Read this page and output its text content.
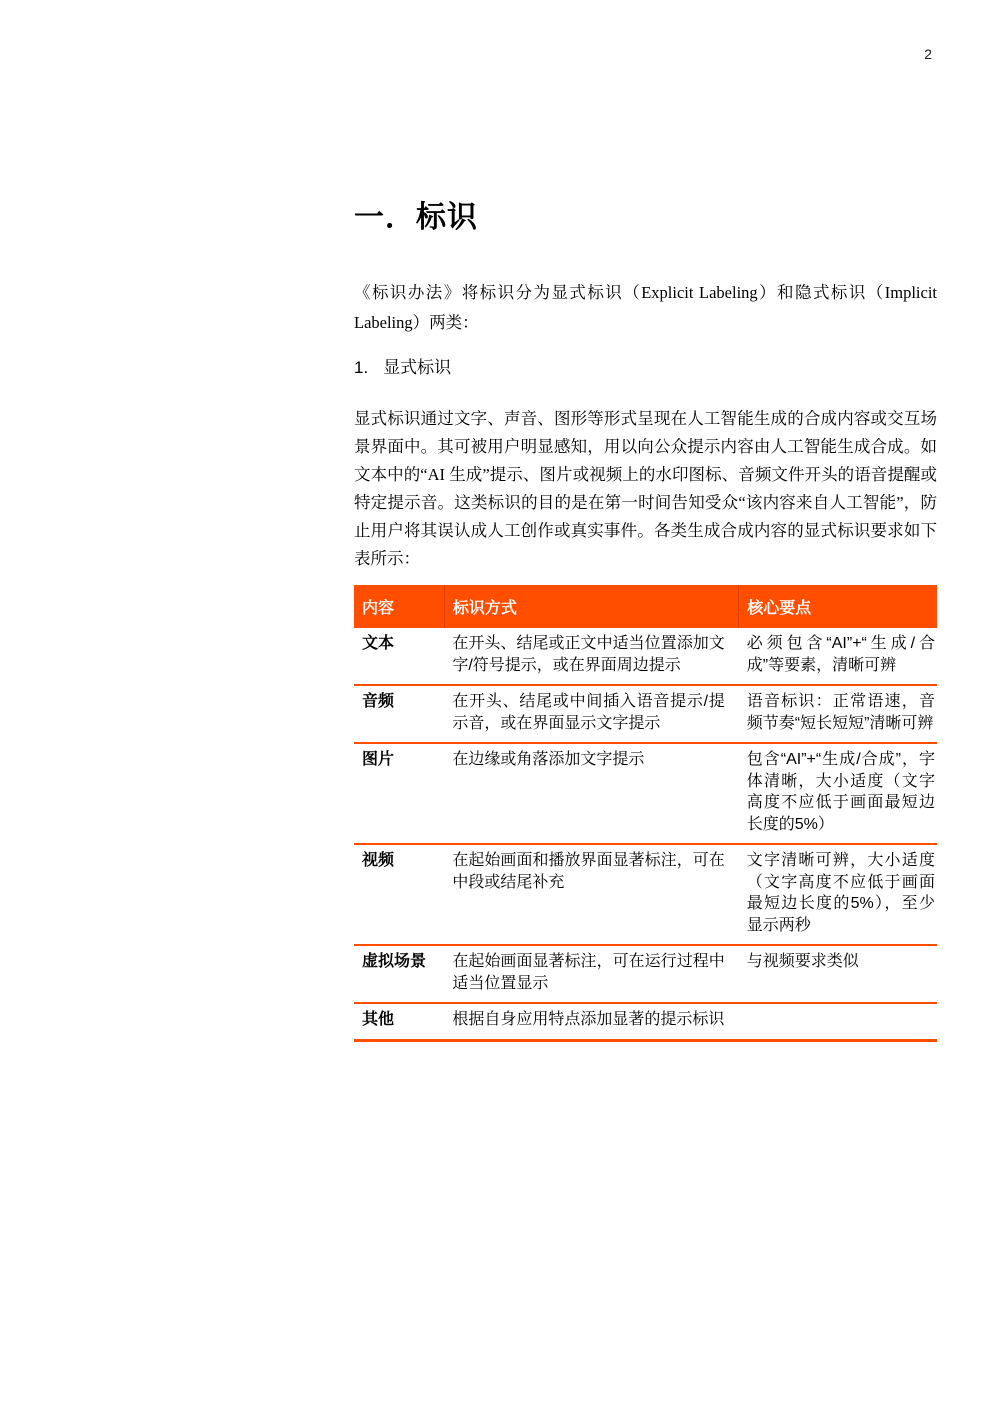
2
一．标识

《标识办法》将标识分为显式标识（Explicit Labeling）和隐式标识（Implicit Labeling）两类：

1. 显式标识

显式标识通过文字、声音、图形等形式呈现在人工智能生成的合成内容或交互场景界面中。其可被用户明显感知，用以向公众提示内容由人工智能生成合成。如文本中的“AI 生成”提示、图片或视频上的水印图标、音频文件开头的语音提醒或特定提示音。这类标识的目的是在第一时间告知受众“该内容来自人工智能”，防止用户将其误认成人工创作或真实事件。各类生成合成内容的显式标识要求如下表所示：

内容	标识方式	核心要点
文本	在开头、结尾或正文中适当位置添加文字/符号提示，或在界面周边提示	必须包含“AI”+“生成/合成”等要素，清晰可辨
音频	在开头、结尾或中间插入语音提示/提示音，或在界面显示文字提示	语音标识：正常语速，音频节奏“短长短短”清晰可辨
图片	在边缘或角落添加文字提示	包含“AI”+“生成/合成”，字体清晰，大小适度（文字高度不应低于画面最短边长度的5%）
视频	在起始画面和播放界面显著标注，可在中段或结尾补充	文字清晰可辨，大小适度（文字高度不应低于画面最短边长度的5%），至少显示两秒
虚拟场景	在起始画面显著标注，可在运行过程中适当位置显示	与视频要求类似
其他	根据自身应用特点添加显著的提示标识	
